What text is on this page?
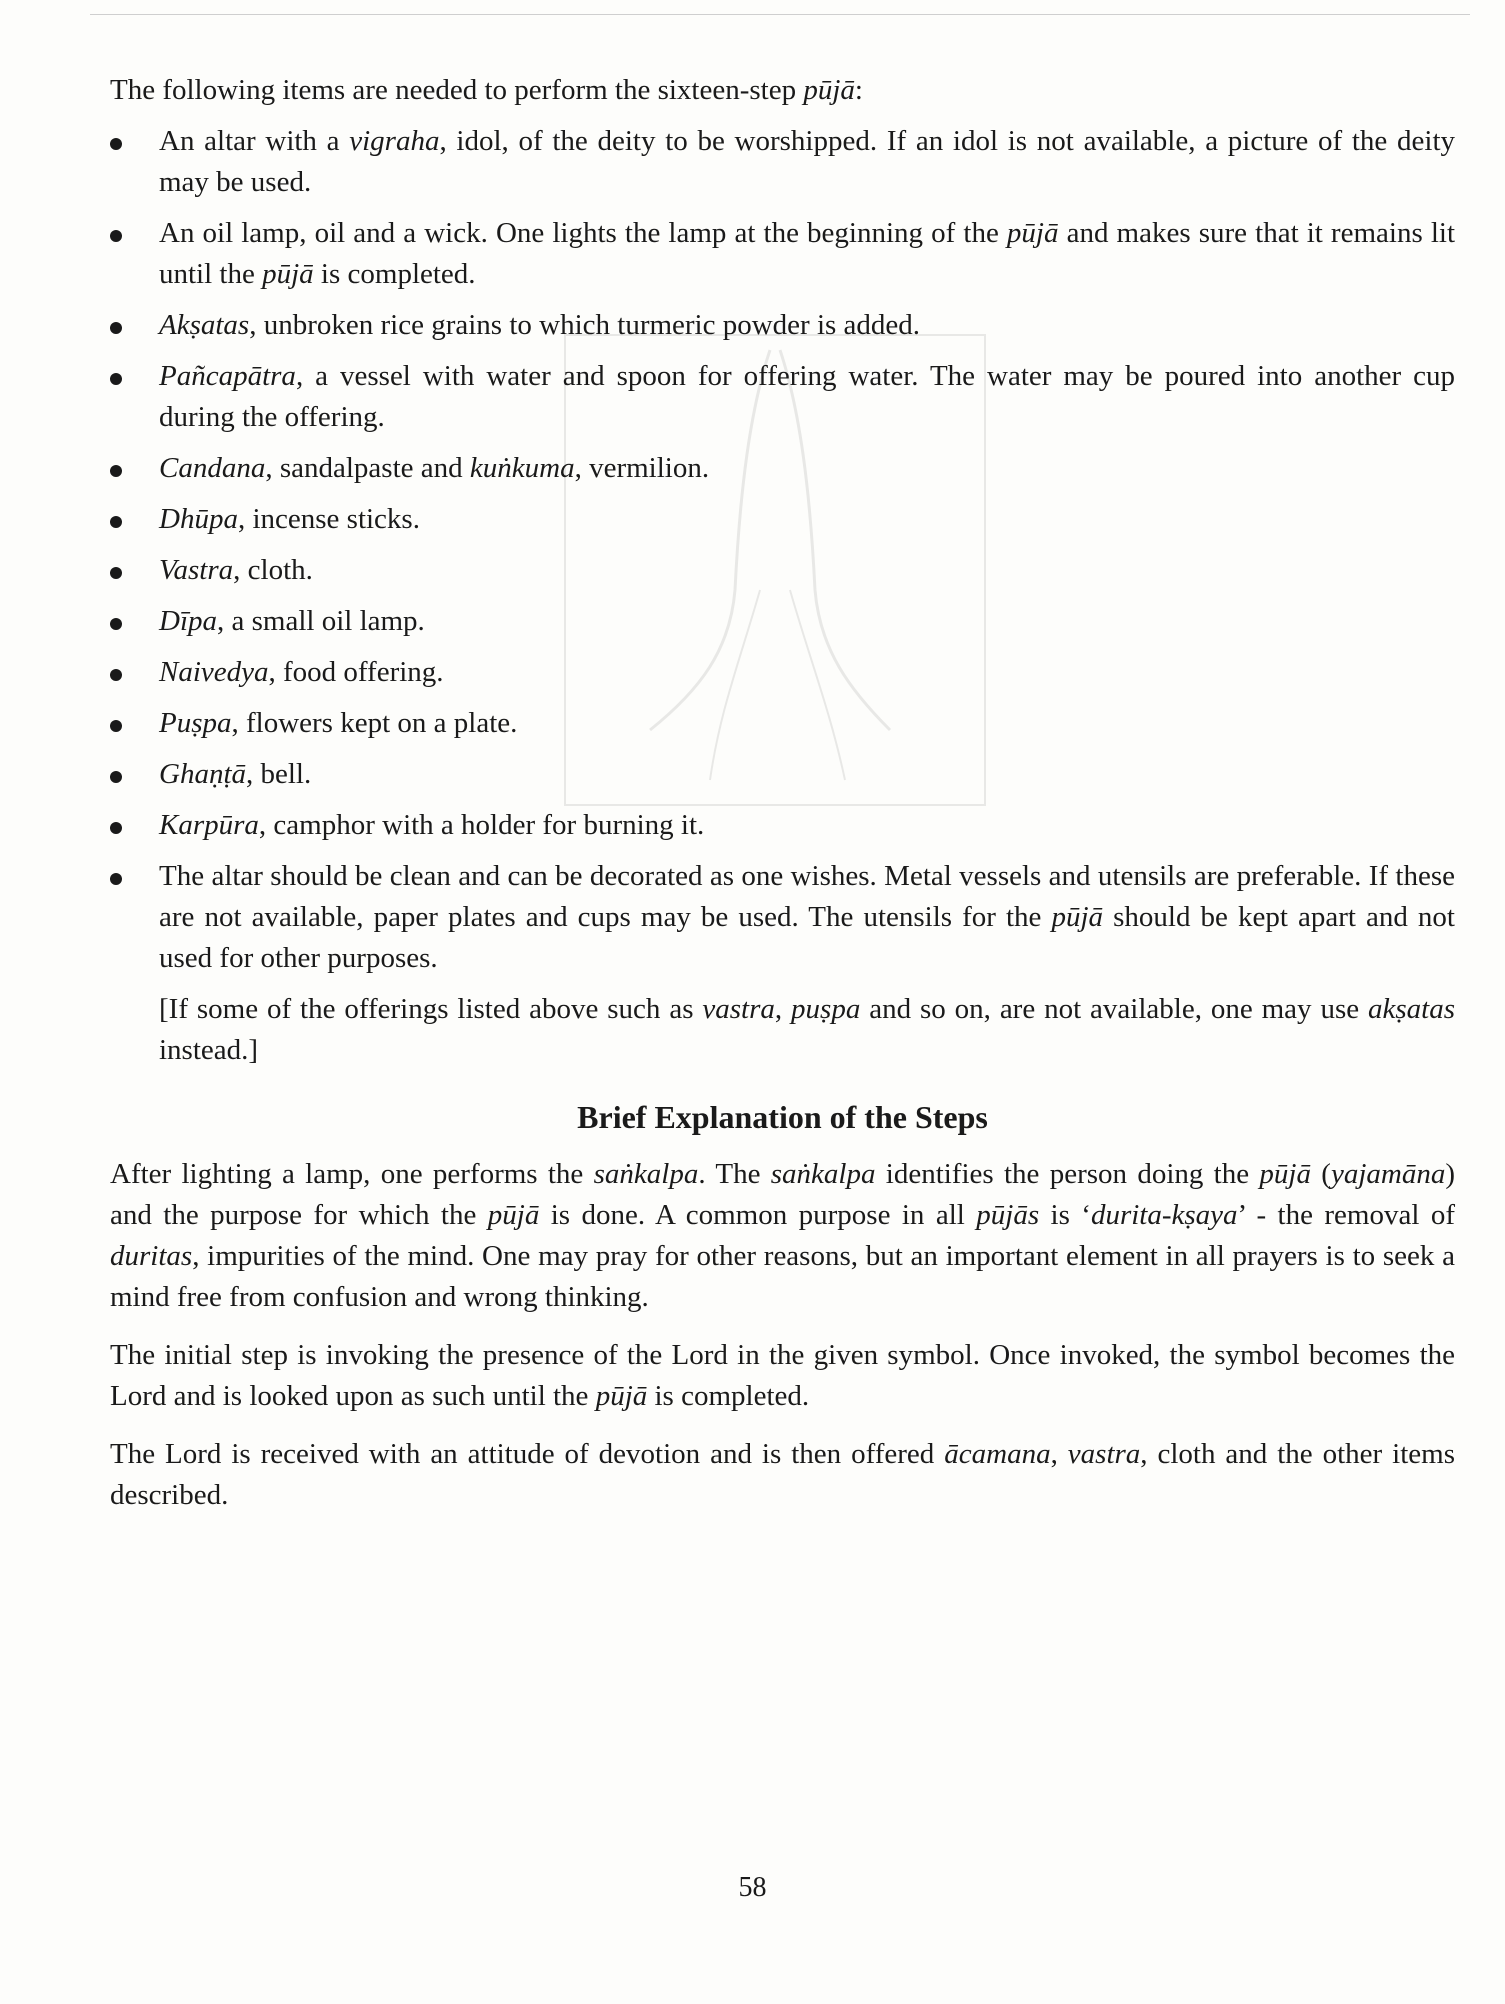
The following items are needed to perform the sixteen-step pūjā:

An altar with a vigraha, idol, of the deity to be worshipped. If an idol is not available, a picture of the deity may be used.
An oil lamp, oil and a wick. One lights the lamp at the beginning of the pūjā and makes sure that it remains lit until the pūjā is completed.
Akṣatas, unbroken rice grains to which turmeric powder is added.
Pañcapātra, a vessel with water and spoon for offering water. The water may be poured into another cup during the offering.
Candana, sandalpaste and kuṅkuma, vermilion.
Dhūpa, incense sticks.
Vastra, cloth.
Dīpa, a small oil lamp.
Naivedya, food offering.
Puṣpa, flowers kept on a plate.
Ghaṇṭā, bell.
Karpūra, camphor with a holder for burning it.
The altar should be clean and can be decorated as one wishes. Metal vessels and utensils are preferable. If these are not available, paper plates and cups may be used. The utensils for the pūjā should be kept apart and not used for other purposes.

[If some of the offerings listed above such as vastra, puṣpa and so on, are not available, one may use akṣatas instead.]

Brief Explanation of the Steps

After lighting a lamp, one performs the saṅkalpa. The saṅkalpa identifies the person doing the pūjā (yajamāna) and the purpose for which the pūjā is done. A common purpose in all pūjās is ‘durita-kṣaya’ - the removal of duritas, impurities of the mind. One may pray for other reasons, but an important element in all prayers is to seek a mind free from confusion and wrong thinking.

The initial step is invoking the presence of the Lord in the given symbol. Once invoked, the symbol becomes the Lord and is looked upon as such until the pūjā is completed.

The Lord is received with an attitude of devotion and is then offered ācamana, vastra, cloth and the other items described.

58
